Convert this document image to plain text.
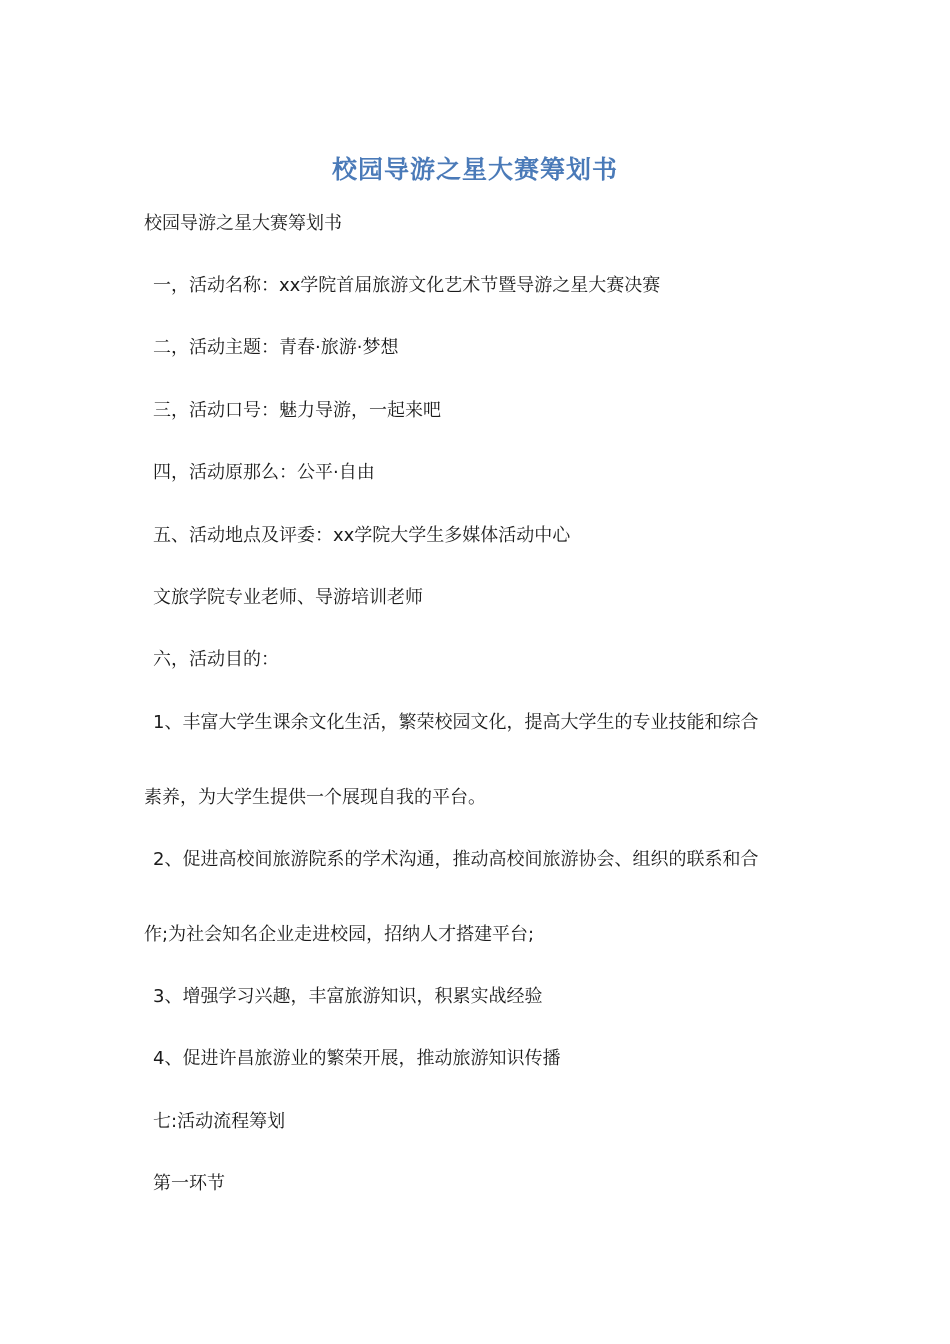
校园导游之星大赛筹划书
校园导游之星大赛筹划书
一，活动名称：xx学院首届旅游文化艺术节暨导游之星大赛决赛
二，活动主题：青春·旅游·梦想
三，活动口号：魅力导游，一起来吧
四，活动原那么：公平·自由
五、活动地点及评委：xx学院大学生多媒体活动中心
文旅学院专业老师、导游培训老师
六，活动目的：
1、丰富大学生课余文化生活，繁荣校园文化，提高大学生的专业技能和综合
素养，为大学生提供一个展现自我的平台。
2、促进高校间旅游院系的学术沟通，推动高校间旅游协会、组织的联系和合
作;为社会知名企业走进校园，招纳人才搭建平台;
3、增强学习兴趣，丰富旅游知识，积累实战经验
4、促进许昌旅游业的繁荣开展，推动旅游知识传播
七:活动流程筹划
第一环节
